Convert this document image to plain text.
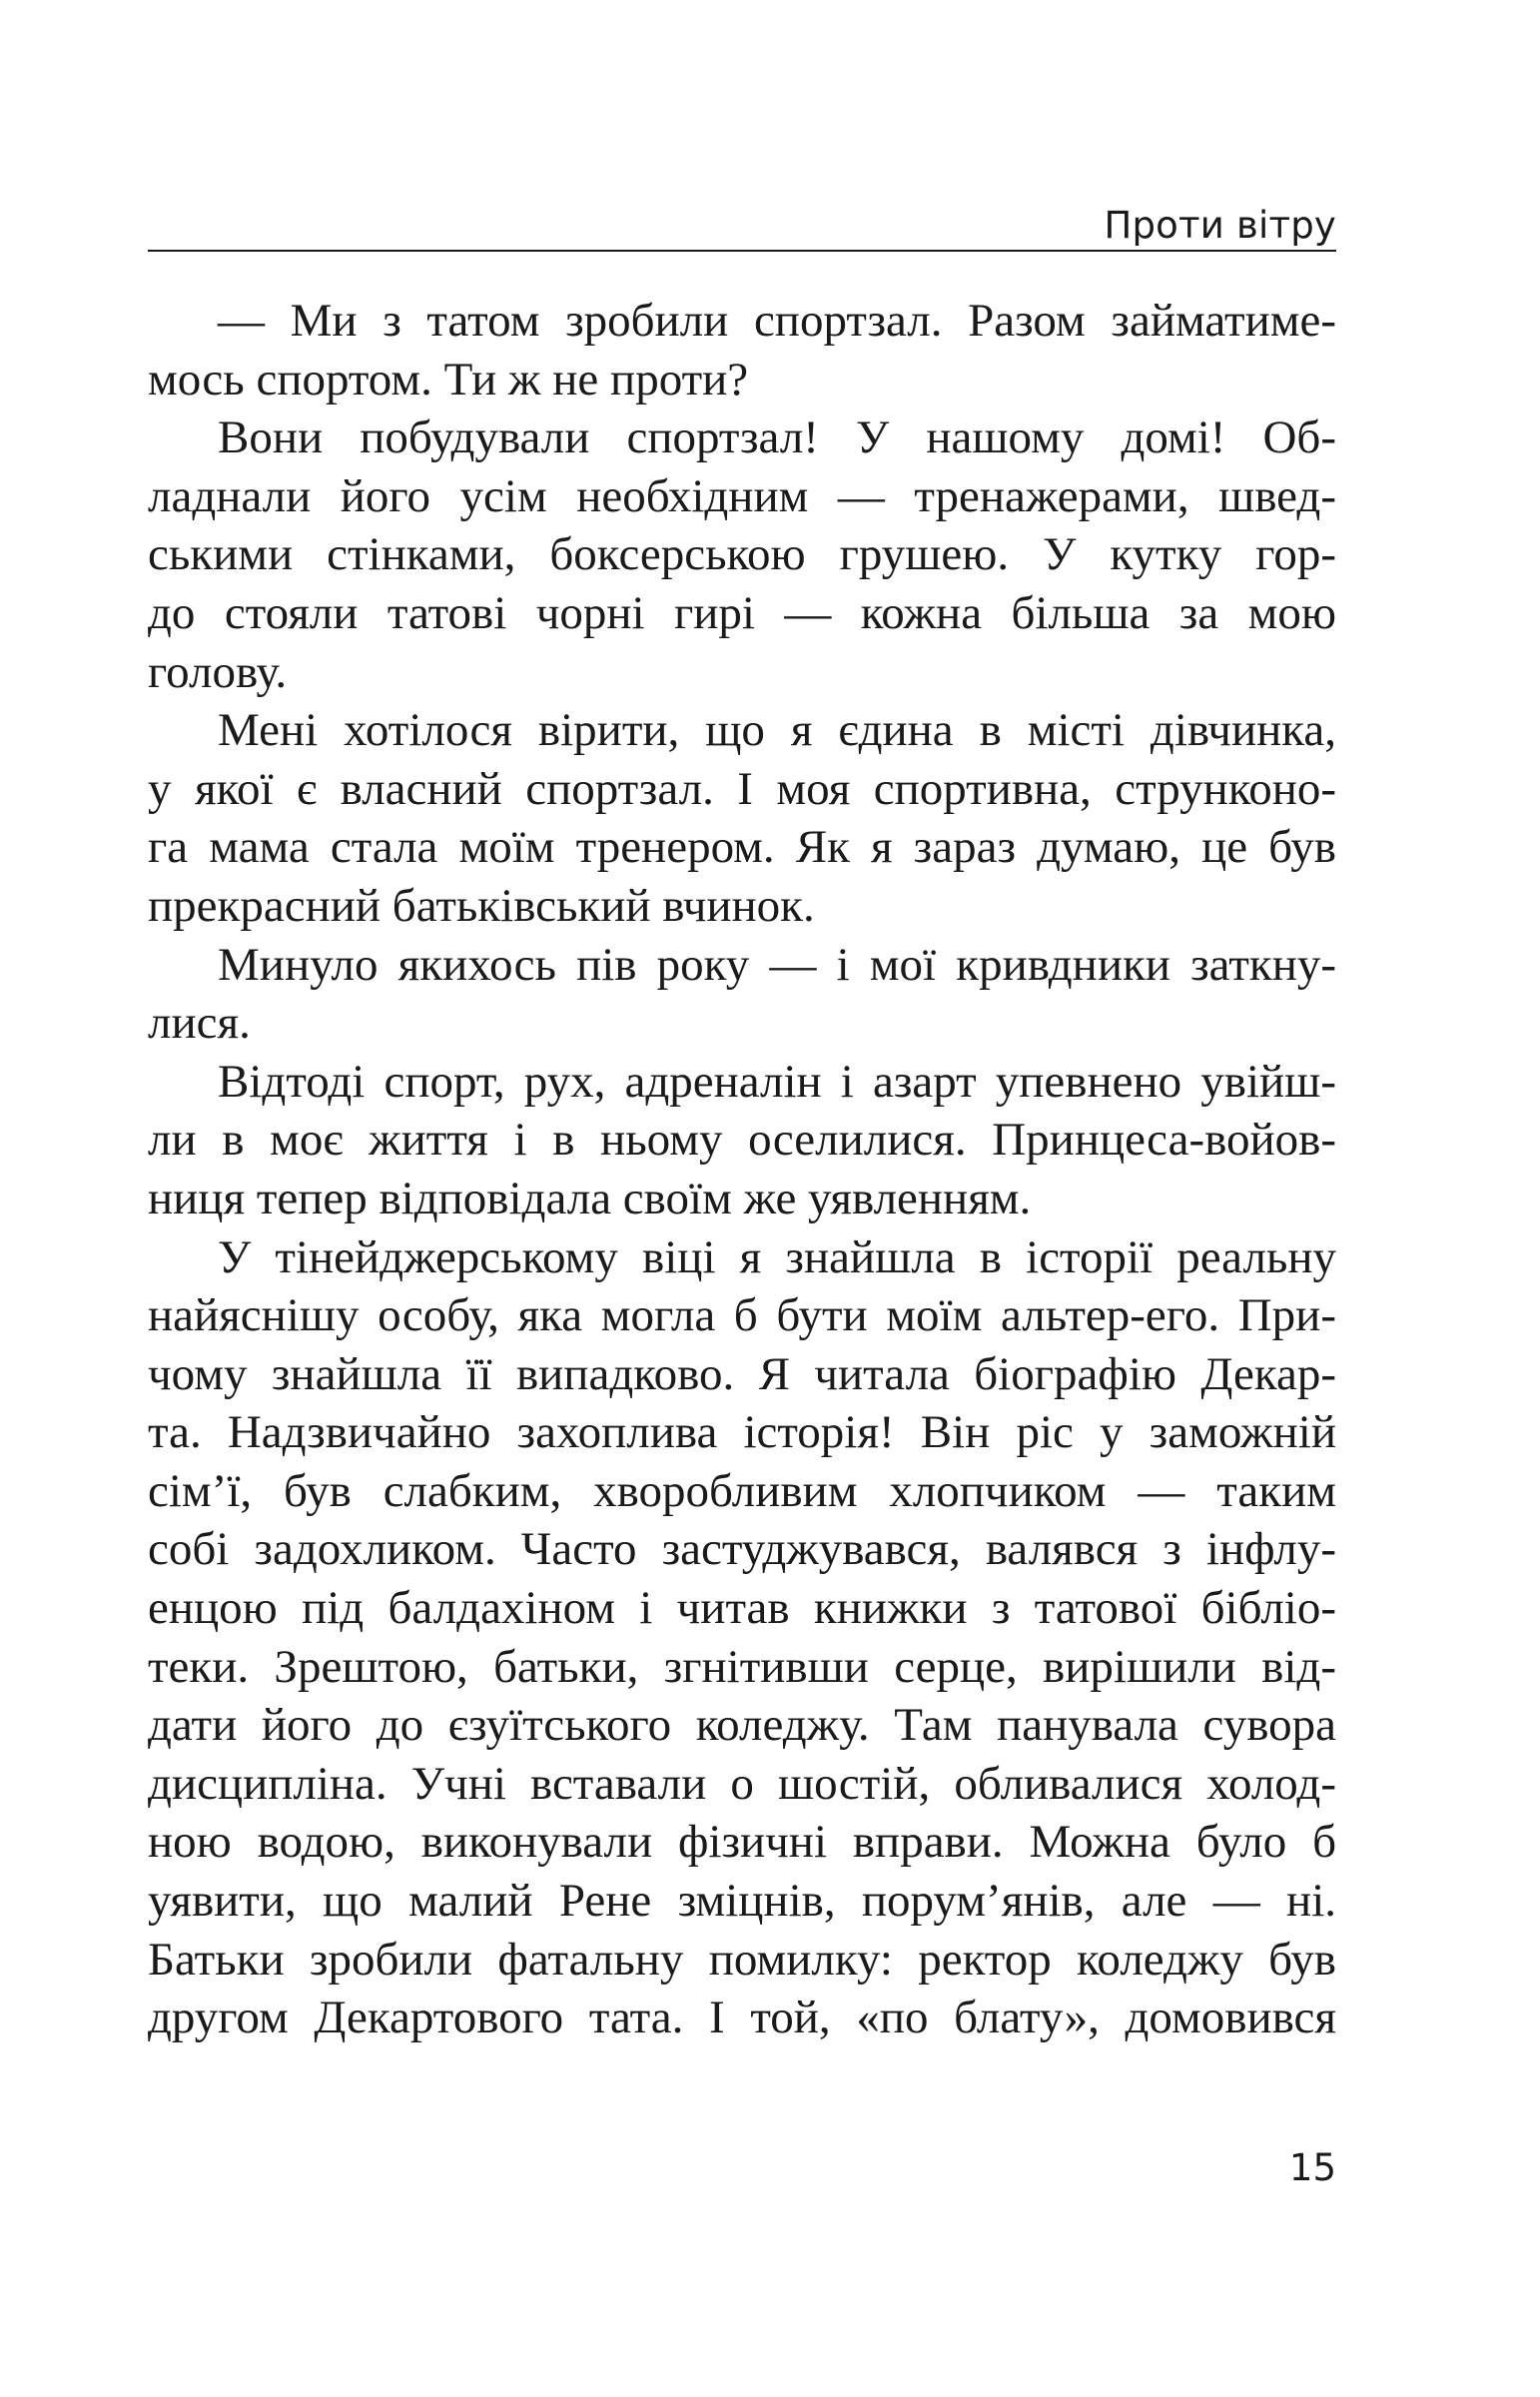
Проти вітру
— Ми з татом зробили спортзал. Разом займатиме-
мось спортом. Ти ж не проти?
Вони побудували спортзал! У нашому домі! Об-
ладнали його усім необхідним — тренажерами, швед-
ськими стінками, боксерською грушею. У кутку гор-
до стояли татові чорні гирі — кожна більша за мою
голову.
Мені хотілося вірити, що я єдина в місті дівчинка,
у якої є власний спортзал. І моя спортивна, струнконо-
га мама стала моїм тренером. Як я зараз думаю, це був
прекрасний батьківський вчинок.
Минуло якихось пів року — і мої кривдники заткну-
лися.
Відтоді спорт, рух, адреналін і азарт упевнено увійш-
ли в моє життя і в ньому оселилися. Принцеса-войов-
ниця тепер відповідала своїм же уявленням.
У тінейджерському віці я знайшла в історії реальну
найяснішу особу, яка могла б бути моїм альтер-его. При-
чому знайшла її випадково. Я читала біографію Декар-
та. Надзвичайно захоплива історія! Він ріс у заможній
сім’ї, був слабким, хворобливим хлопчиком — таким
собі задохликом. Часто застуджувався, валявся з інфлу-
енцою під балдахіном і читав книжки з татової бібліо-
теки. Зрештою, батьки, згнітивши серце, вирішили від-
дати його до єзуїтського коледжу. Там панувала сувора
дисципліна. Учні вставали о шостій, обливалися холод-
ною водою, виконували фізичні вправи. Можна було б
уявити, що малий Рене зміцнів, порум’янів, але — ні.
Батьки зробили фатальну помилку: ректор коледжу був
другом Декартового тата. І той, «по блату», домовився
15
